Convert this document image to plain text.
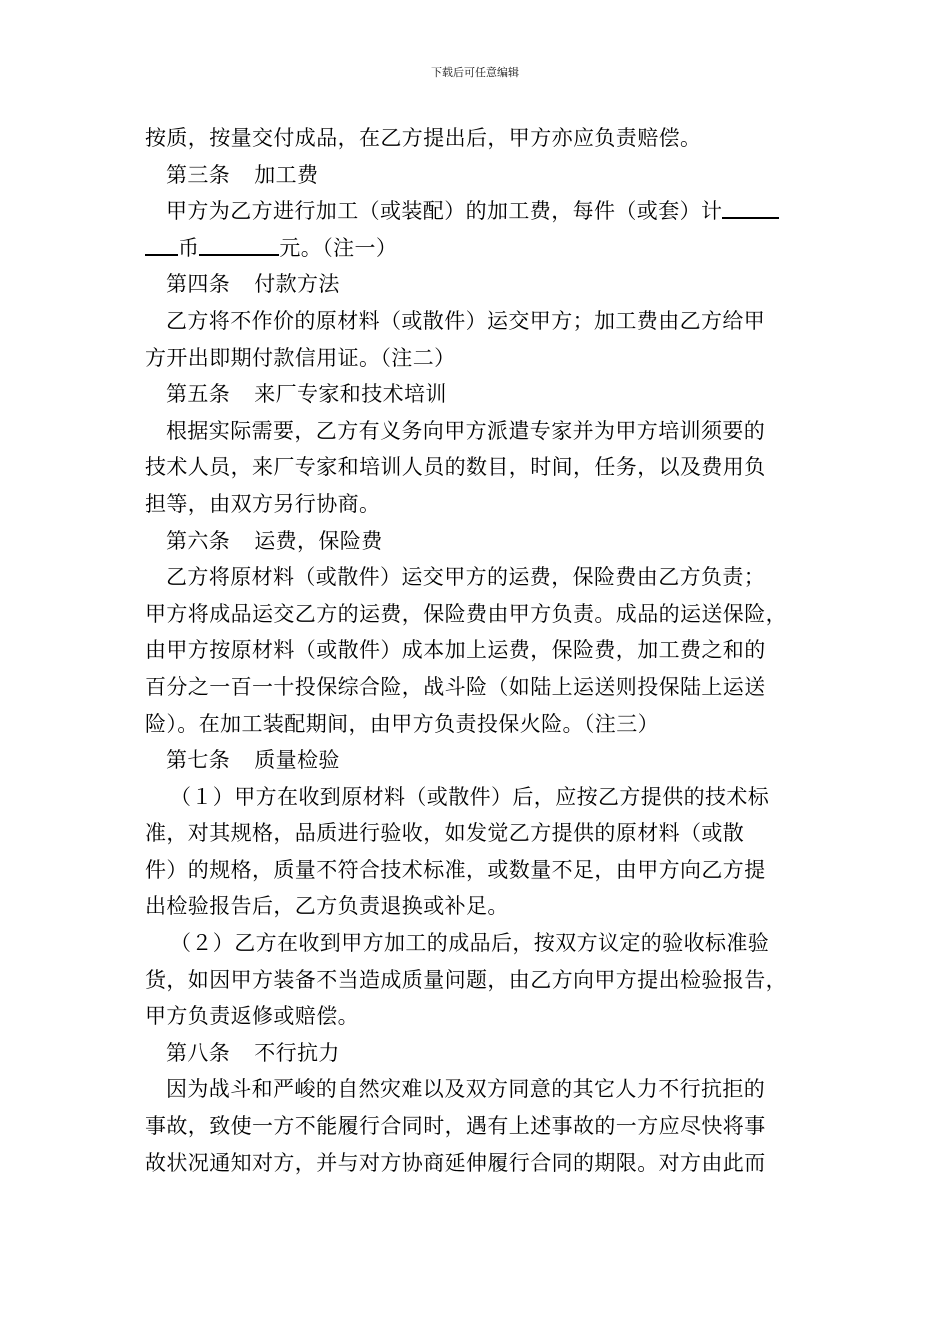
下载后可任意编辑
按质，按量交付成品，在乙方提出后，甲方亦应负责赔偿。
第三条 加工费
甲方为乙方进行加工（或装配）的加工费，每件（或套）计
币	元。（注一）
第四条 付款方法
乙方将不作价的原材料（或散件）运交甲方；加工费由乙方给甲
方开出即期付款信用证。（注二）
第五条 来厂专家和技术培训
根据实际需要，乙方有义务向甲方派遣专家并为甲方培训须要的
技术人员，来厂专家和培训人员的数目，时间，任务，以及费用负
担等，由双方另行协商。
第六条 运费，保险费
乙方将原材料（或散件）运交甲方的运费，保险费由乙方负责；
甲方将成品运交乙方的运费，保险费由甲方负责。成品的运送保险，
由甲方按原材料（或散件）成本加上运费，保险费，加工费之和的
百分之一百一十投保综合险，战斗险（如陆上运送则投保陆上运送
险）。在加工装配期间，由甲方负责投保火险。（注三）
第七条 质量检验
（１）甲方在收到原材料（或散件）后，应按乙方提供的技术标
准，对其规格，品质进行验收，如发觉乙方提供的原材料（或散
件）的规格，质量不符合技术标准，或数量不足，由甲方向乙方提
出检验报告后，乙方负责退换或补足。
（２）乙方在收到甲方加工的成品后，按双方议定的验收标准验
货，如因甲方装备不当造成质量问题，由乙方向甲方提出检验报告，
甲方负责返修或赔偿。
第八条 不行抗力
因为战斗和严峻的自然灾难以及双方同意的其它人力不行抗拒的
事故，致使一方不能履行合同时，遇有上述事故的一方应尽快将事
故状况通知对方，并与对方协商延伸履行合同的期限。对方由此而
